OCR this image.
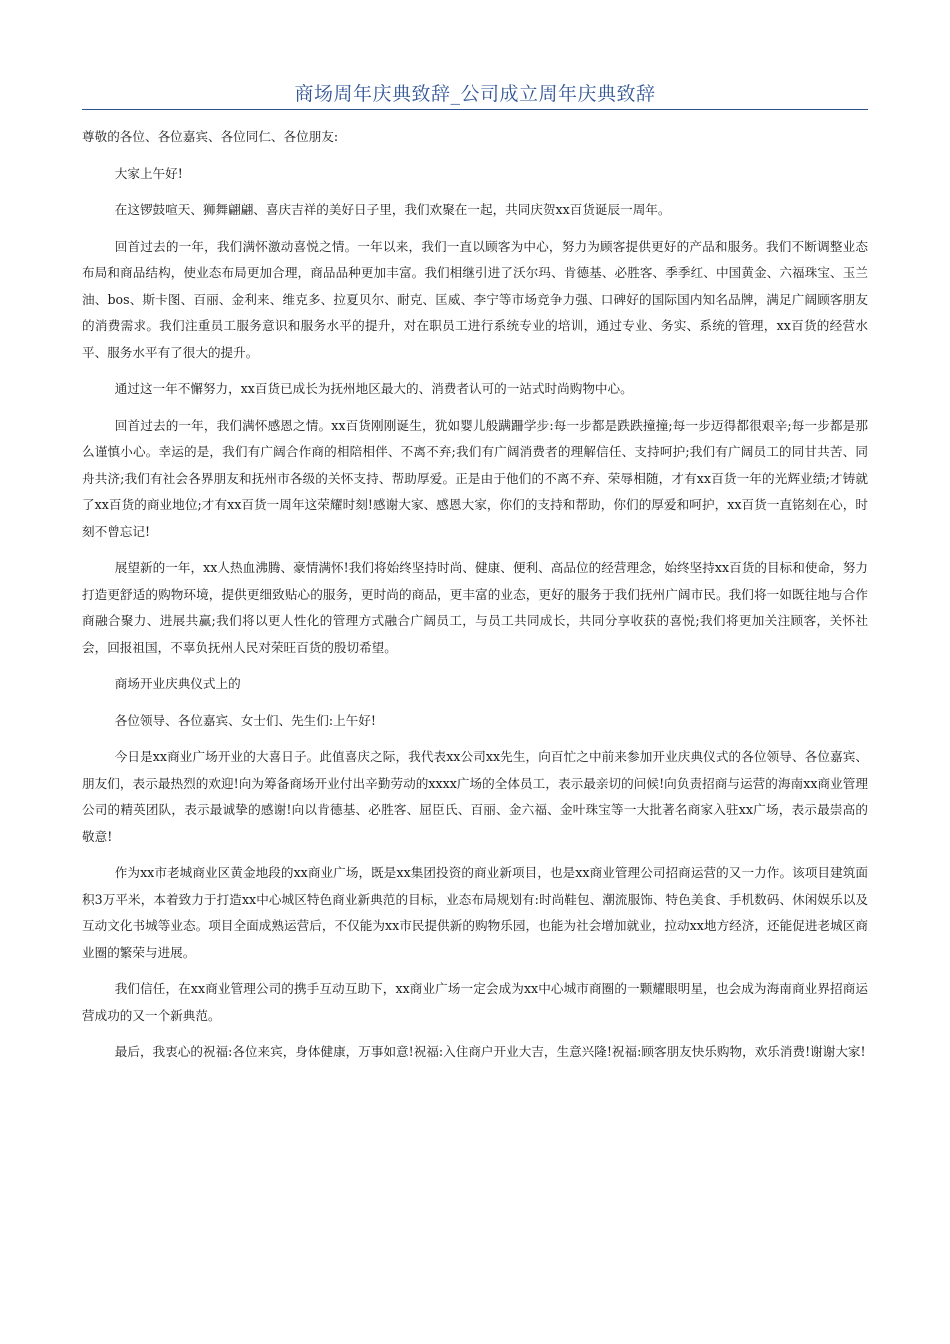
商场周年庆典致辞_公司成立周年庆典致辞

尊敬的各位、各位嘉宾、各位同仁、各位朋友:

大家上午好!

在这锣鼓喧天、狮舞翩翩、喜庆吉祥的美好日子里，我们欢聚在一起，共同庆贺xx百货诞辰一周年。

回首过去的一年，我们满怀激动喜悦之情。一年以来，我们一直以顾客为中心，努力为顾客提供更好的产品和服务。我们不断调整业态布局和商品结构，使业态布局更加合理，商品品种更加丰富。我们相继引进了沃尔玛、肯德基、必胜客、季季红、中国黄金、六福珠宝、玉兰油、bos、斯卡图、百丽、金利来、维克多、拉夏贝尔、耐克、匡威、李宁等市场竞争力强、口碑好的国际国内知名品牌，满足广阔顾客朋友的消费需求。我们注重员工服务意识和服务水平的提升，对在职员工进行系统专业的培训，通过专业、务实、系统的管理，xx百货的经营水平、服务水平有了很大的提升。

通过这一年不懈努力，xx百货已成长为抚州地区最大的、消费者认可的一站式时尚购物中心。

回首过去的一年，我们满怀感恩之情。xx百货刚刚诞生，犹如婴儿般蹒跚学步:每一步都是跌跌撞撞;每一步迈得都很艰辛;每一步都是那么谨慎小心。幸运的是，我们有广阔合作商的相陪相伴、不离不弃;我们有广阔消费者的理解信任、支持呵护;我们有广阔员工的同甘共苦、同舟共济;我们有社会各界朋友和抚州市各级的关怀支持、帮助厚爱。正是由于他们的不离不弃、荣辱相随，才有xx百货一年的光辉业绩;才铸就了xx百货的商业地位;才有xx百货一周年这荣耀时刻!感谢大家、感恩大家，你们的支持和帮助，你们的厚爱和呵护，xx百货一直铭刻在心，时刻不曾忘记!

展望新的一年，xx人热血沸腾、豪情满怀!我们将始终坚持时尚、健康、便利、高品位的经营理念，始终坚持xx百货的目标和使命，努力打造更舒适的购物环境，提供更细致贴心的服务，更时尚的商品，更丰富的业态，更好的服务于我们抚州广阔市民。我们将一如既往地与合作商融合聚力、进展共赢;我们将以更人性化的管理方式融合广阔员工，与员工共同成长，共同分享收获的喜悦;我们将更加关注顾客，关怀社会，回报祖国，不辜负抚州人民对荣旺百货的殷切希望。

商场开业庆典仪式上的

各位领导、各位嘉宾、女士们、先生们:上午好!

今日是xx商业广场开业的大喜日子。此值喜庆之际，我代表xx公司xx先生，向百忙之中前来参加开业庆典仪式的各位领导、各位嘉宾、朋友们，表示最热烈的欢迎!向为筹备商场开业付出辛勤劳动的xxxx广场的全体员工，表示最亲切的问候!向负责招商与运营的海南xx商业管理公司的精英团队，表示最诚挚的感谢!向以肯德基、必胜客、屈臣氏、百丽、金六福、金叶珠宝等一大批著名商家入驻xx广场，表示最崇高的敬意!

作为xx市老城商业区黄金地段的xx商业广场，既是xx集团投资的商业新项目，也是xx商业管理公司招商运营的又一力作。该项目建筑面积3万平米，本着致力于打造xx中心城区特色商业新典范的目标，业态布局规划有:时尚鞋包、潮流服饰、特色美食、手机数码、休闲娱乐以及互动文化书城等业态。项目全面成熟运营后，不仅能为xx市民提供新的购物乐园，也能为社会增加就业，拉动xx地方经济，还能促进老城区商业圈的繁荣与进展。

我们信任，在xx商业管理公司的携手互动互助下，xx商业广场一定会成为xx中心城市商圈的一颗耀眼明星，也会成为海南商业界招商运营成功的又一个新典范。

最后，我衷心的祝福:各位来宾，身体健康，万事如意!祝福:入住商户开业大吉，生意兴隆!祝福:顾客朋友快乐购物，欢乐消费!谢谢大家!
